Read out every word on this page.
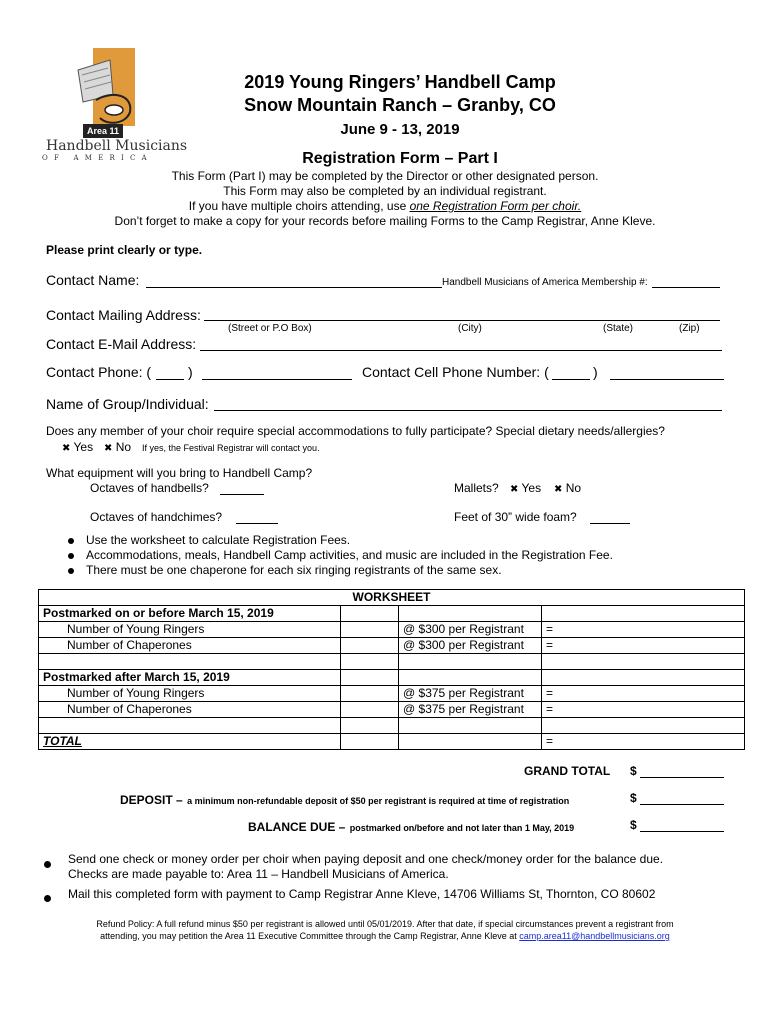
Area 11
Handbell Musicians
O F   A M E R I C A
2019 Young Ringers’ Handbell Camp
Snow Mountain Ranch – Granby, CO
June 9 - 13, 2019
Registration Form – Part I
This Form (Part I) may be completed by the Director or other designated person.
This Form may also be completed by an individual registrant.
If you have multiple choirs attending, use one Registration Form per choir.
Don’t forget to make a copy for your records before mailing Forms to the Camp Registrar, Anne Kleve.
Please print clearly or type.
Contact Name:	Handbell Musicians of America Membership #:
Contact Mailing Address:
(Street or P.O Box)	(City)	(State)	(Zip)
Contact E-Mail Address:
Contact Phone: (	)	Contact Cell Phone Number: (	)
Name of Group/Individual:
Does any member of your choir require special accommodations to fully participate? Special dietary needs/allergies?
✖ Yes ✖ No If yes, the Festival Registrar will contact you.
What equipment will you bring to Handbell Camp?
Octaves of handbells?	Mallets? ✖ Yes ✖ No
Octaves of handchimes?	Feet of 30” wide foam?
Use the worksheet to calculate Registration Fees.
Accommodations, meals, Handbell Camp activities, and music are included in the Registration Fee.
There must be one chaperone for each six ringing registrants of the same sex.
WORKSHEET			
Postmarked on or before March 15, 2019			
Number of Young Ringers		@ $300 per Registrant	=
Number of Chaperones		@ $300 per Registrant	=

Postmarked after March 15, 2019			
Number of Young Ringers		@ $375 per Registrant	=
Number of Chaperones		@ $375 per Registrant	=

TOTAL			=
GRAND TOTAL $
DEPOSIT – a minimum non-refundable deposit of $50 per registrant is required at time of registration	$
BALANCE DUE – postmarked on/before and not later than 1 May, 2019	$
Send one check or money order per choir when paying deposit and one check/money order for the balance due.
Checks are made payable to: Area 11 – Handbell Musicians of America.
Mail this completed form with payment to Camp Registrar Anne Kleve, 14706 Williams St, Thornton, CO 80602
Refund Policy: A full refund minus $50 per registrant is allowed until 05/01/2019. After that date, if special circumstances prevent a registrant from
attending, you may petition the Area 11 Executive Committee through the Camp Registrar, Anne Kleve at camp.area11@handbellmusicians.org
